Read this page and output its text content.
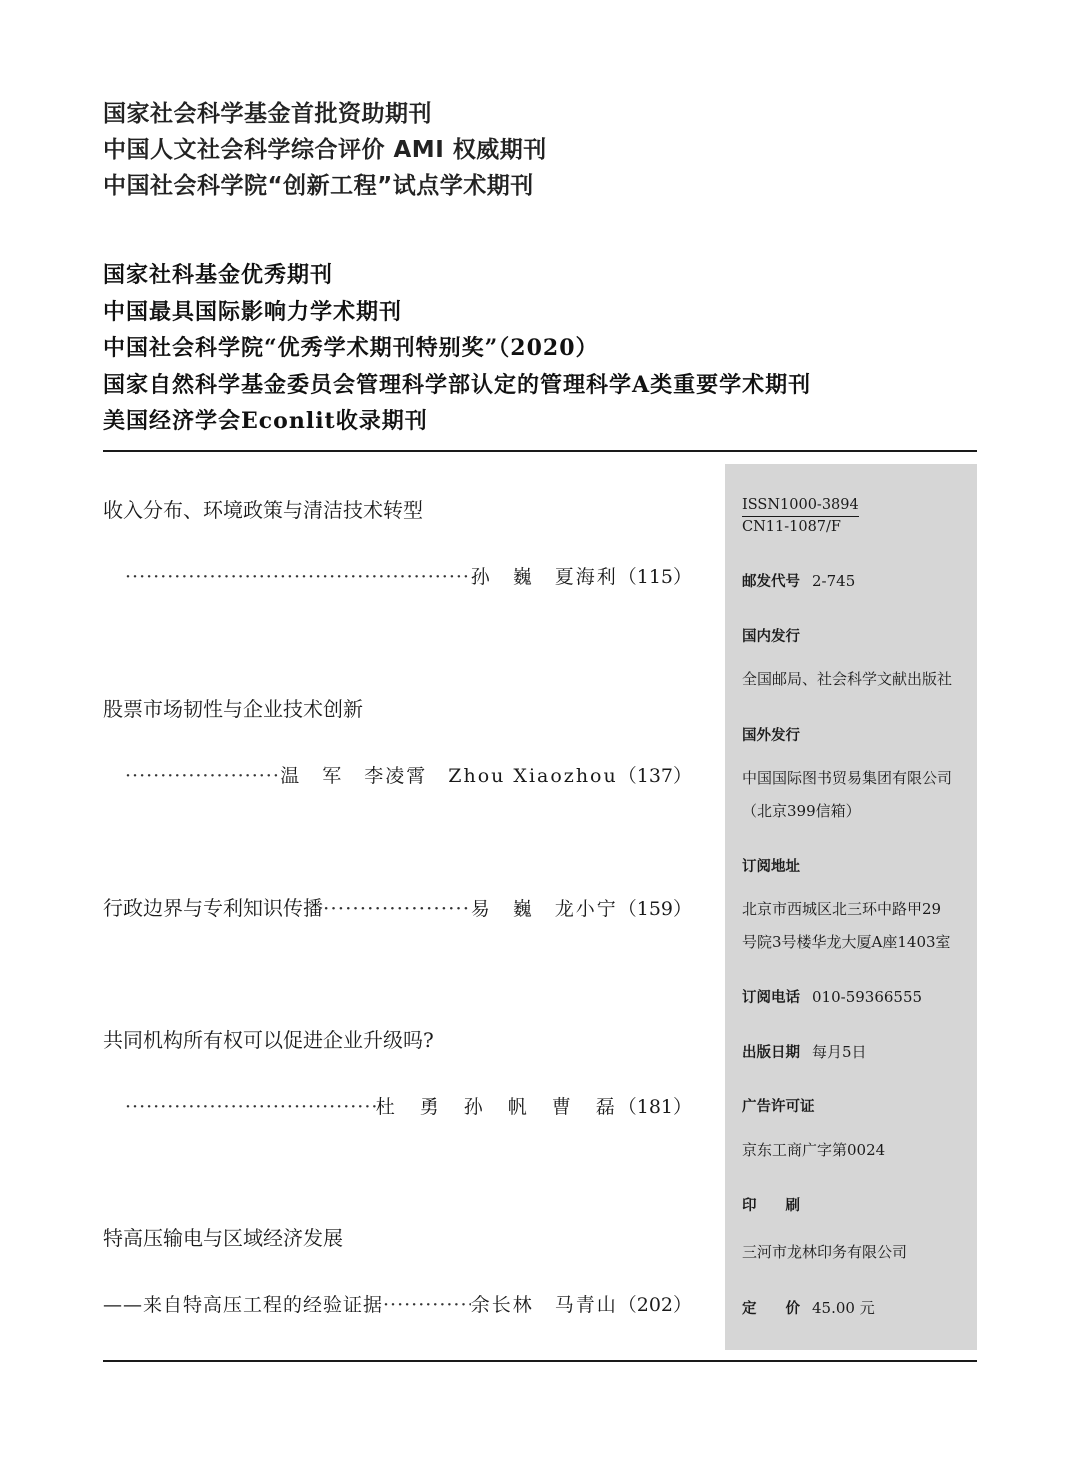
国家社会科学基金首批资助期刊
中国人文社会科学综合评价 AMI 权威期刊
中国社会科学院“创新工程”试点学术期刊
国家社科基金优秀期刊
中国最具国际影响力学术期刊
中国社会科学院“优秀学术期刊特别奖”（2020）
国家自然科学基金委员会管理科学部认定的管理科学A类重要学术期刊
美国经济学会Econlit收录期刊
ISSN1000-3894
CN11-1087/F
邮发代号 2-745
国内发行
全国邮局、社会科学文献出版社
国外发行
中国国际图书贸易集团有限公司
（北京399信箱）
订阅地址
北京市西城区北三环中路甲29
号院3号楼华龙大厦A座1403室
订阅电话 010-59366555
出版日期 每月5日
广告许可证
京东工商广字第0024
印　　刷
三河市龙林印务有限公司
定　　价 45.00 元
收入分布、环境政策与清洁技术转型
·····
孙　巍　夏海利 （115）
股票市场韧性与企业技术创新
·····
温　军　李凌霄　Zhou Xiaozhou （137）
行政边界与专利知识传播 ·····	易　巍　龙小宁 （159）
共同机构所有权可以促进企业升级吗?
·····
杜　勇　孙　帆　曹　磊 （181）
特高压输电与区域经济发展
——来自特高压工程的经验证据 ·····	余长林　马青山 （202）
